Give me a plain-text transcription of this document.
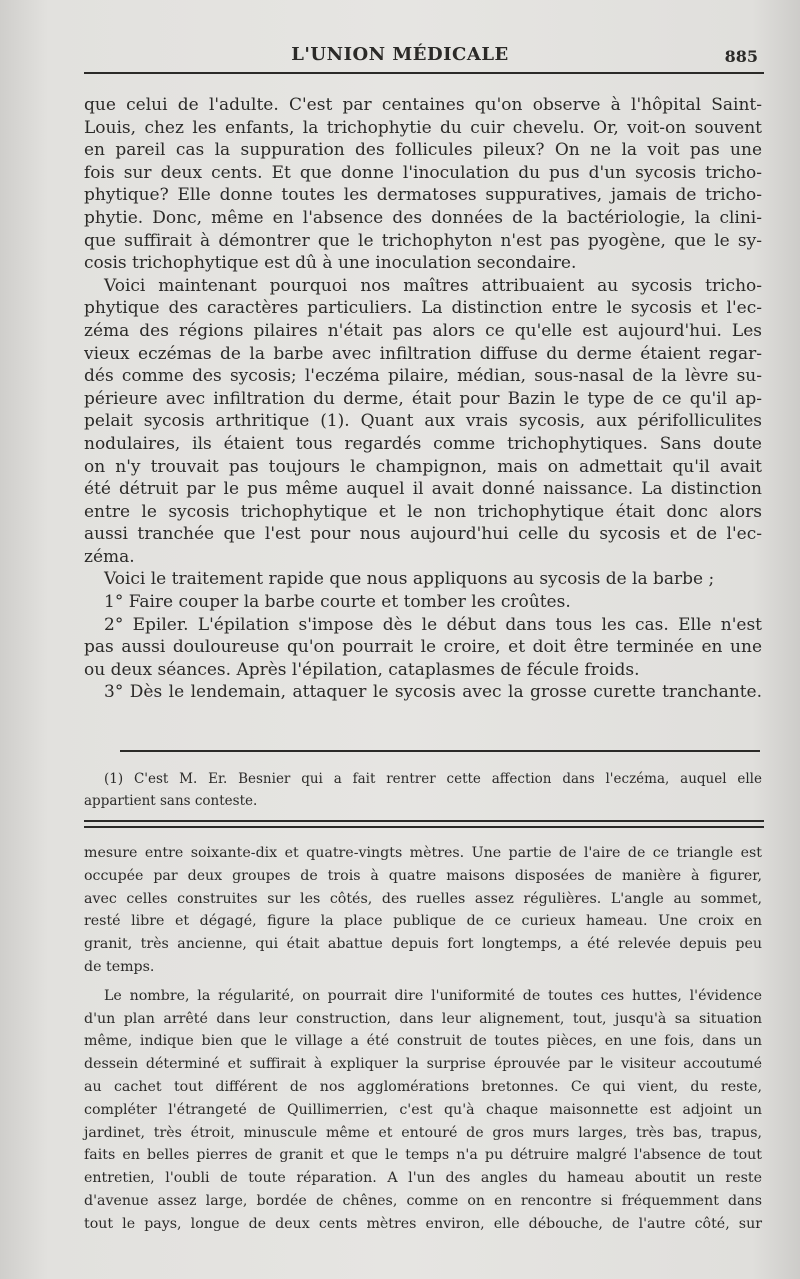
L'UNION MÉDICALE	885

que celui de l'adulte. C'est par centaines qu'on observe à l'hôpital Saint-
Louis, chez les enfants, la trichophytie du cuir chevelu. Or, voit-on souvent
en pareil cas la suppuration des follicules pileux? On ne la voit pas une
fois sur deux cents. Et que donne l'inoculation du pus d'un sycosis tricho-
phytique? Elle donne toutes les dermatoses suppuratives, jamais de tricho-
phytie. Donc, même en l'absence des données de la bactériologie, la clini-
que suffirait à démontrer que le trichophyton n'est pas pyogène, que le sy-
cosis trichophytique est dû à une inoculation secondaire.

Voici maintenant pourquoi nos maîtres attribuaient au sycosis tricho-
phytique des caractères particuliers. La distinction entre le sycosis et l'ec-
zéma des régions pilaires n'était pas alors ce qu'elle est aujourd'hui. Les
vieux eczémas de la barbe avec infiltration diffuse du derme étaient regar-
dés comme des sycosis; l'eczéma pilaire, médian, sous-nasal de la lèvre su-
périeure avec infiltration du derme, était pour Bazin le type de ce qu'il ap-
pelait sycosis arthritique (1). Quant aux vrais sycosis, aux périfolliculites
nodulaires, ils étaient tous regardés comme trichophytiques. Sans doute
on n'y trouvait pas toujours le champignon, mais on admettait qu'il avait
été détruit par le pus même auquel il avait donné naissance. La distinction
entre le sycosis trichophytique et le non trichophytique était donc alors
aussi tranchée que l'est pour nous aujourd'hui celle du sycosis et de l'ec-
zéma.

Voici le traitement rapide que nous appliquons au sycosis de la barbe ;

1° Faire couper la barbe courte et tomber les croûtes.

2° Epiler. L'épilation s'impose dès le début dans tous les cas. Elle n'est
pas aussi douloureuse qu'on pourrait le croire, et doit être terminée en une
ou deux séances. Après l'épilation, cataplasmes de fécule froids.

3° Dès le lendemain, attaquer le sycosis avec la grosse curette tranchante.

(1) C'est M. Er. Besnier qui a fait rentrer cette affection dans l'eczéma, auquel elle
appartient sans conteste.
mesure entre soixante-dix et quatre-vingts mètres. Une partie de l'aire de ce triangle est
occupée par deux groupes de trois à quatre maisons disposées de manière à figurer,
avec celles construites sur les côtés, des ruelles assez régulières. L'angle au sommet,
resté libre et dégagé, figure la place publique de ce curieux hameau. Une croix en
granit, très ancienne, qui était abattue depuis fort longtemps, a été relevée depuis peu
de temps.
Le nombre, la régularité, on pourrait dire l'uniformité de toutes ces huttes, l'évidence
d'un plan arrêté dans leur construction, dans leur alignement, tout, jusqu'à sa situation
même, indique bien que le village a été construit de toutes pièces, en une fois, dans un
dessein déterminé et suffirait à expliquer la surprise éprouvée par le visiteur accoutumé
au cachet tout différent de nos agglomérations bretonnes. Ce qui vient, du reste,
compléter l'étrangeté de Quillimerrien, c'est qu'à chaque maisonnette est adjoint un
jardinet, très étroit, minuscule même et entouré de gros murs larges, très bas, trapus,
faits en belles pierres de granit et que le temps n'a pu détruire malgré l'absence de tout
entretien, l'oubli de toute réparation. A l'un des angles du hameau aboutit un reste
d'avenue assez large, bordée de chênes, comme on en rencontre si fréquemment dans
tout le pays, longue de deux cents mètres environ, elle débouche, de l'autre côté, sur
